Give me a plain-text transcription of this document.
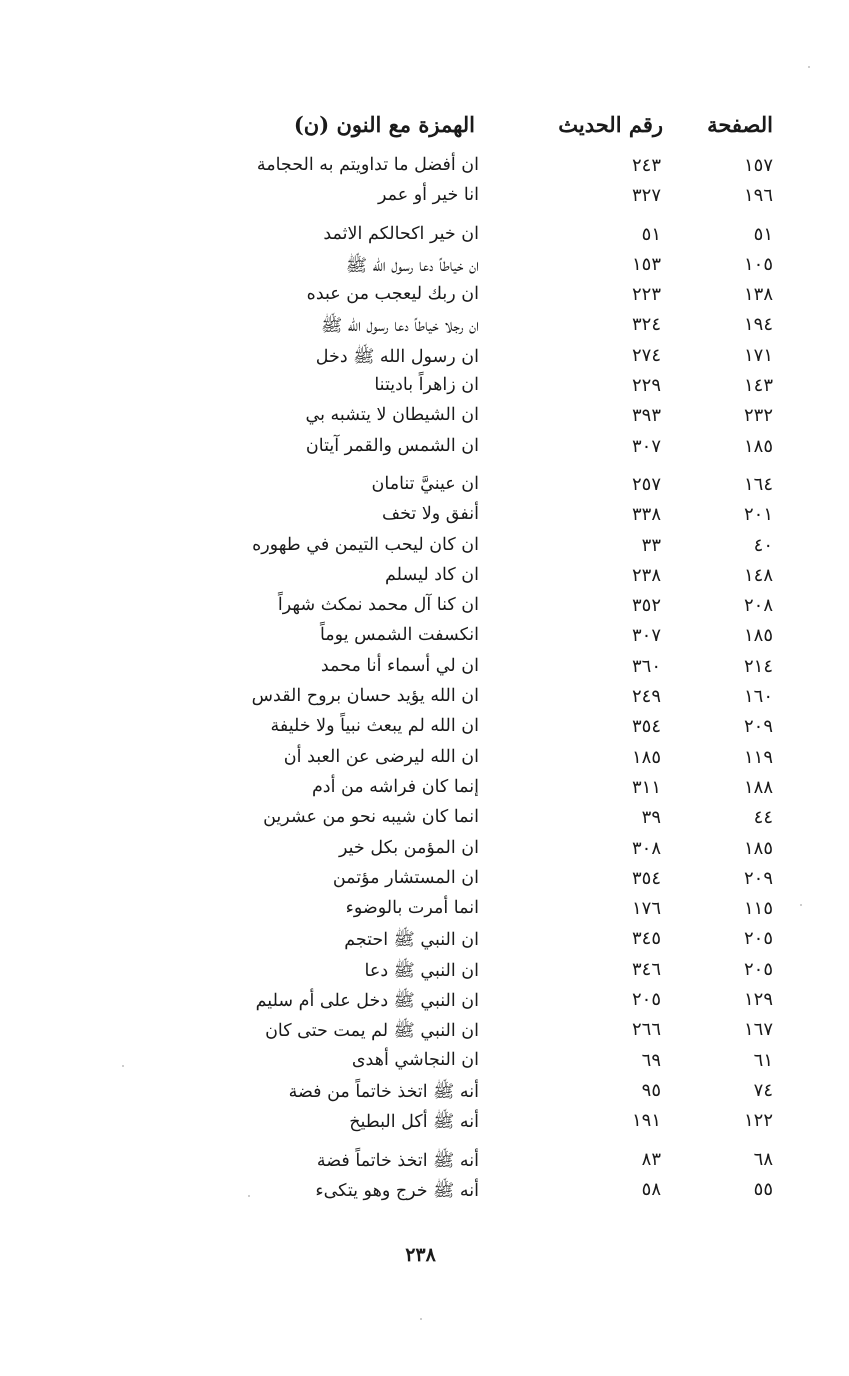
الصفحة
رقم الحديث
الهمزة مع النون (ن)
١٥٧
٢٤٣
ان أفضل ما تداويتم به الحجامة
١٩٦
٣٢٧
انا خير أو عمر
٥١
٥١
ان خير اكحالكم الاثمد
١٠٥
١٥٣
ان خياطاً دعا رسول الله ﷺ
١٣٨
٢٢٣
ان ربك ليعجب من عبده
١٩٤
٣٢٤
ان رجلا خياطاً دعا رسول الله ﷺ
١٧١
٢٧٤
ان رسول الله ﷺ دخل
١٤٣
٢٢٩
ان زاهراً باديتنا
٢٣٢
٣٩٣
ان الشيطان لا يتشبه بي
١٨٥
٣٠٧
ان الشمس والقمر آيتان
١٦٤
٢٥٧
ان عينيَّ تنامان
٢٠١
٣٣٨
أنفق ولا تخف
٤٠
٣٣
ان كان ليحب التيمن في طهوره
١٤٨
٢٣٨
ان كاد ليسلم
٢٠٨
٣٥٢
ان كنا آل محمد نمكث شهراً
١٨٥
٣٠٧
انكسفت الشمس يوماً
٢١٤
٣٦٠
ان لي أسماء أنا محمد
١٦٠
٢٤٩
ان الله يؤيد حسان بروح القدس
٢٠٩
٣٥٤
ان الله لم يبعث نبياً ولا خليفة
١١٩
١٨٥
ان الله ليرضى عن العبد أن
١٨٨
٣١١
إنما كان فراشه من أدم
٤٤
٣٩
انما كان شيبه نحو من عشرين
١٨٥
٣٠٨
ان المؤمن بكل خير
٢٠٩
٣٥٤
ان المستشار مؤتمن
١١٥
١٧٦
انما أمرت بالوضوء
٢٠٥
٣٤٥
ان النبي ﷺ احتجم
٢٠٥
٣٤٦
ان النبي ﷺ دعا
١٢٩
٢٠٥
ان النبي ﷺ دخل على أم سليم
١٦٧
٢٦٦
ان النبي ﷺ لم يمت حتى كان
٦١
٦٩
ان النجاشي أهدى
٧٤
٩٥
أنه ﷺ اتخذ خاتماً من فضة
١٢٢
١٩١
أنه ﷺ أكل البطيخ
٦٨
٨٣
أنه ﷺ اتخذ خاتماً فضة
٥٥
٥٨
أنه ﷺ خرج وهو يتكىء
٢٣٨
